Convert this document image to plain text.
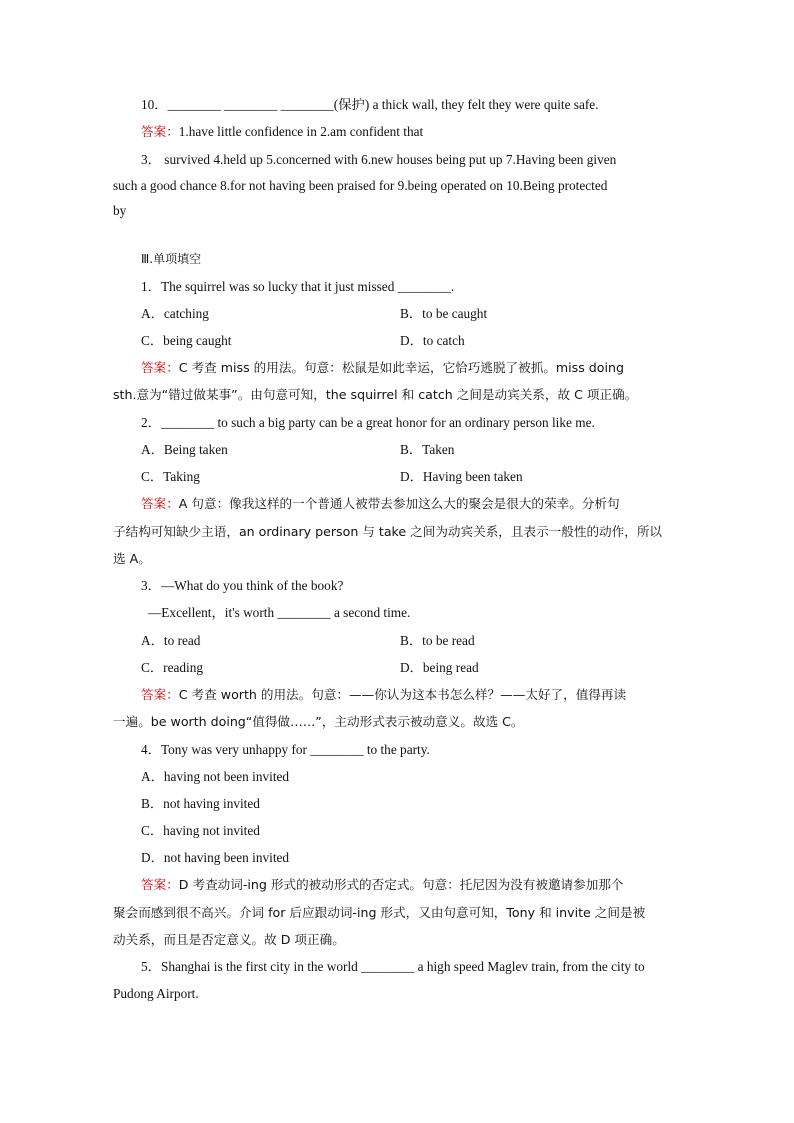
10．________ ________ ________(保护) a thick wall, they felt they were quite safe.
答案：1.have little confidence in 2.am confident that
3． survived 4.held up 5.concerned with 6.new houses being put up 7.Having been given
such a good chance 8.for not having been praised for 9.being operated on 10.Being protected
by
Ⅲ.单项填空
1．The squirrel was so lucky that it just missed ________.
A．catching	B．to be caught
C．being caught	D．to catch
答案：C 考查 miss 的用法。句意：松鼠是如此幸运，它恰巧逃脱了被抓。miss doing
sth.意为“错过做某事”。由句意可知，the squirrel 和 catch 之间是动宾关系，故 C 项正确。
2．________ to such a big party can be a great honor for an ordinary person like me.
A．Being taken	B．Taken
C．Taking	D．Having been taken
答案：A 句意：像我这样的一个普通人被带去参加这么大的聚会是很大的荣幸。分析句
子结构可知缺少主语，an ordinary person 与 take 之间为动宾关系，且表示一般性的动作，所以
选 A。
3．—What do you think of the book?
—Excellent，it's worth ________ a second time.
A．to read	B．to be read
C．reading	D．being read
答案：C 考查 worth 的用法。句意：——你认为这本书怎么样？——太好了，值得再读
一遍。be worth doing“值得做……”，主动形式表示被动意义。故选 C。
4．Tony was very unhappy for ________ to the party.
A．having not been invited
B．not having invited
C．having not invited
D．not having been invited
答案：D 考查动词-ing 形式的被动形式的否定式。句意：托尼因为没有被邀请参加那个
聚会而感到很不高兴。介词 for 后应跟动词-ing 形式，又由句意可知，Tony 和 invite 之间是被
动关系，而且是否定意义。故 D 项正确。
5．Shanghai is the first city in the world ________ a high speed Maglev train, from the city to
Pudong Airport.
